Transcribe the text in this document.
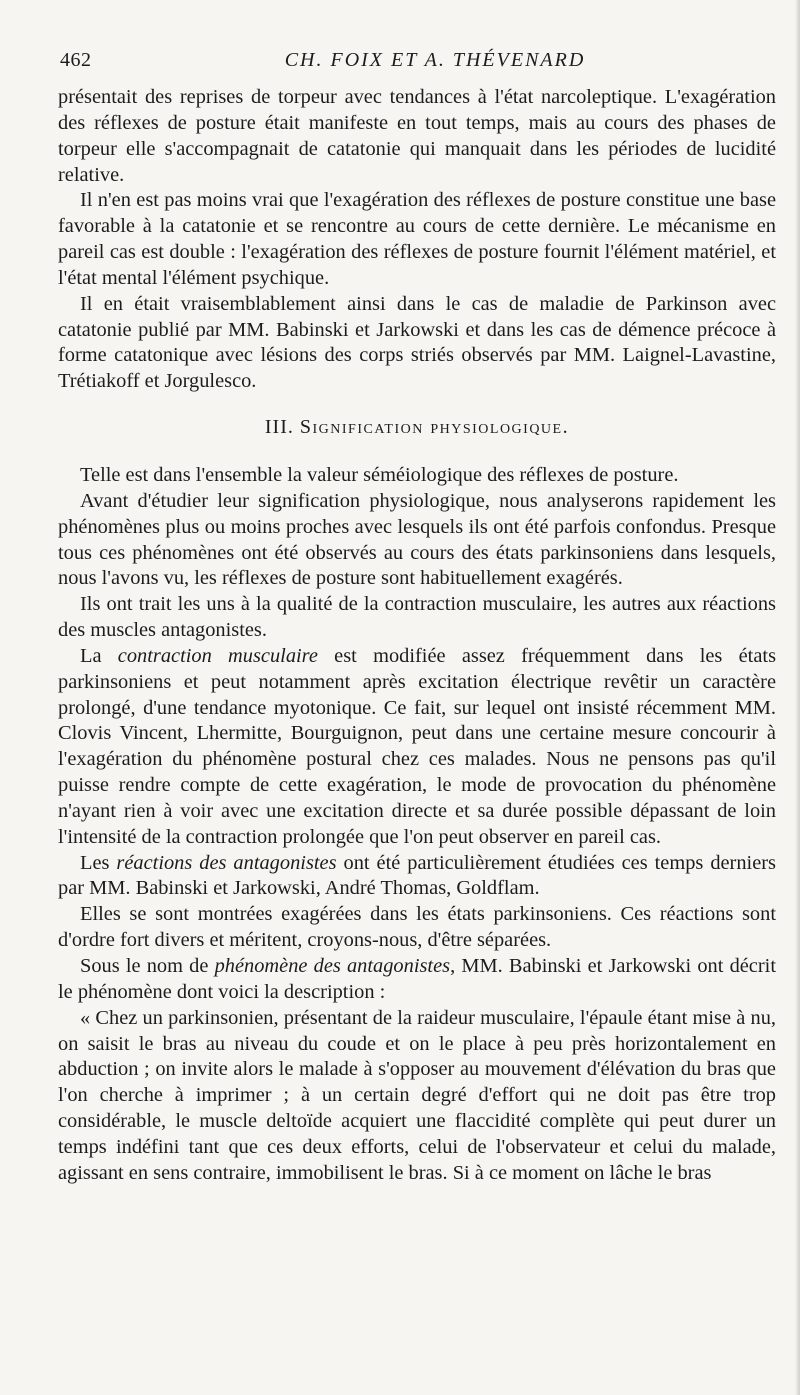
462	CH. FOIX ET A. THÉVENARD

présentait des reprises de torpeur avec tendances à l'état narcoleptique. L'exagération des réflexes de posture était manifeste en tout temps, mais au cours des phases de torpeur elle s'accompagnait de catatonie qui manquait dans les périodes de lucidité relative.

Il n'en est pas moins vrai que l'exagération des réflexes de posture constitue une base favorable à la catatonie et se rencontre au cours de cette dernière. Le mécanisme en pareil cas est double : l'exagération des réflexes de posture fournit l'élément matériel, et l'état mental l'élément psychique.

Il en était vraisemblablement ainsi dans le cas de maladie de Parkinson avec catatonie publié par MM. Babinski et Jarkowski et dans les cas de démence précoce à forme catatonique avec lésions des corps striés observés par MM. Laignel-Lavastine, Trétiakoff et Jorgulesco.

III. Signification physiologique.

Telle est dans l'ensemble la valeur séméiologique des réflexes de posture.

Avant d'étudier leur signification physiologique, nous analyserons rapidement les phénomènes plus ou moins proches avec lesquels ils ont été parfois confondus. Presque tous ces phénomènes ont été observés au cours des états parkinsoniens dans lesquels, nous l'avons vu, les réflexes de posture sont habituellement exagérés.

Ils ont trait les uns à la qualité de la contraction musculaire, les autres aux réactions des muscles antagonistes.

La contraction musculaire est modifiée assez fréquemment dans les états parkinsoniens et peut notamment après excitation électrique revêtir un caractère prolongé, d'une tendance myotonique. Ce fait, sur lequel ont insisté récemment MM. Clovis Vincent, Lhermitte, Bourguignon, peut dans une certaine mesure concourir à l'exagération du phénomène postural chez ces malades. Nous ne pensons pas qu'il puisse rendre compte de cette exagération, le mode de provocation du phénomène n'ayant rien à voir avec une excitation directe et sa durée possible dépassant de loin l'intensité de la contraction prolongée que l'on peut observer en pareil cas.

Les réactions des antagonistes ont été particulièrement étudiées ces temps derniers par MM. Babinski et Jarkowski, André Thomas, Goldflam.

Elles se sont montrées exagérées dans les états parkinsoniens. Ces réactions sont d'ordre fort divers et méritent, croyons-nous, d'être séparées.

Sous le nom de phénomène des antagonistes, MM. Babinski et Jarkowski ont décrit le phénomène dont voici la description :

« Chez un parkinsonien, présentant de la raideur musculaire, l'épaule étant mise à nu, on saisit le bras au niveau du coude et on le place à peu près horizontalement en abduction ; on invite alors le malade à s'opposer au mouvement d'élévation du bras que l'on cherche à imprimer ; à un certain degré d'effort qui ne doit pas être trop considérable, le muscle deltoïde acquiert une flaccidité complète qui peut durer un temps indéfini tant que ces deux efforts, celui de l'observateur et celui du malade, agissant en sens contraire, immobilisent le bras. Si à ce moment on lâche le bras
